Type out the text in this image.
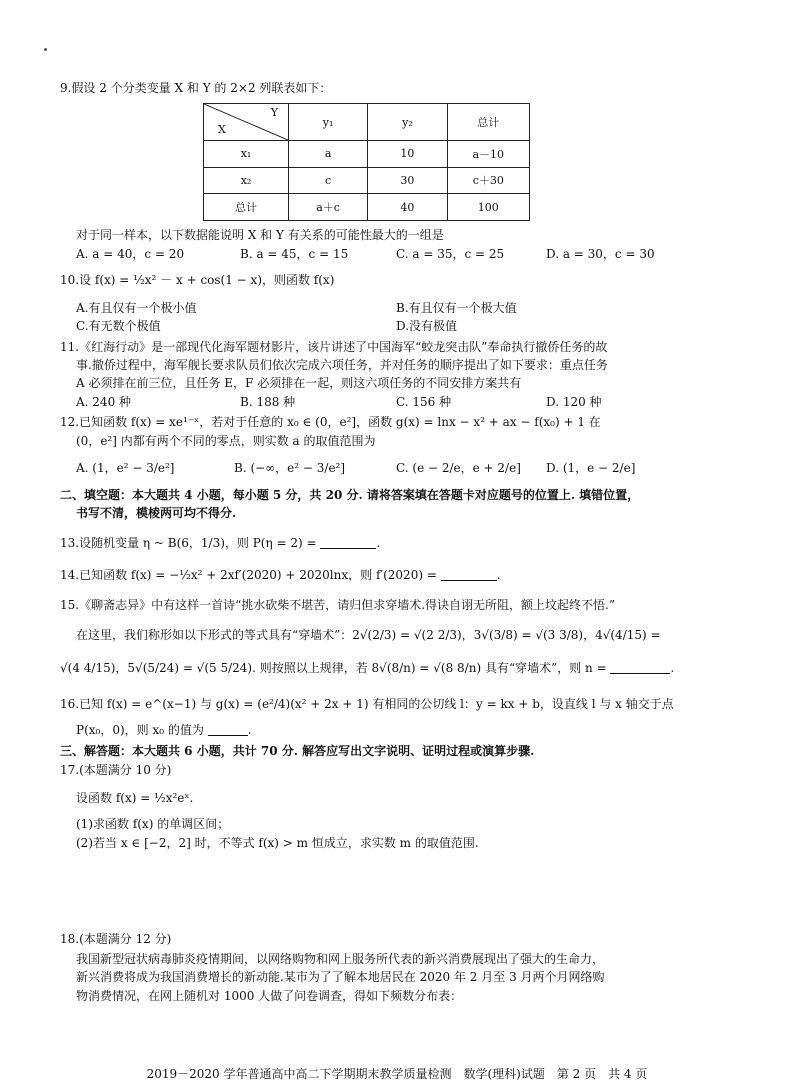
9.假设 2 个分类变量 X 和 Y 的 2×2 列联表如下：
Y
X	y₁	y₂	总计
x₁	a	10	a－10
x₂	c	30	c＋30
总计	a＋c	40	100
对于同一样本，以下数据能说明 X 和 Y 有关系的可能性最大的一组是
A. a = 40，c = 20	B. a = 45，c = 15	C. a = 35，c = 25	D. a = 30，c = 30
10.设 f(x) = ½x² － x + cos(1 − x)，则函数 f(x)
A.有且仅有一个极小值	B.有且仅有一个极大值
C.有无数个极值	D.没有极值
11.《红海行动》是一部现代化海军题材影片，该片讲述了中国海军“蛟龙突击队”奉命执行撤侨任务的故
事.撤侨过程中，海军舰长要求队员们依次完成六项任务，并对任务的顺序提出了如下要求：重点任务
A 必须排在前三位，且任务 E，F 必须排在一起，则这六项任务的不同安排方案共有
A. 240 种	B. 188 种	C. 156 种	D. 120 种
12.已知函数 f(x) = xe¹⁻ˣ，若对于任意的 x₀ ∈ (0，e²]，函数 g(x) = lnx − x² + ax − f(x₀) + 1 在
(0，e²] 内都有两个不同的零点，则实数 a 的取值范围为
A. (1，e² − 3/e²]	B. (−∞，e² − 3/e²]	C. (e − 2/e，e + 2/e] D. (1，e − 2/e]
二、填空题：本大题共 4 小题，每小题 5 分，共 20 分. 请将答案填在答题卡对应题号的位置上. 填错位置，
书写不清，模棱两可均不得分.
13.设随机变量 η ~ B(6，1/3)，则 P(η = 2) =	.
14.已知函数 f(x) = −½x² + 2xf′(2020) + 2020lnx，则 f′(2020) =	.
15.《聊斋志异》中有这样一首诗“挑水砍柴不堪苦，请归但求穿墙术.得诀自诩无所阻，额上坟起终不悟.”
在这里，我们称形如以下形式的等式具有“穿墙术”：2√(2/3) = √(2 2/3)，3√(3/8) = √(3 3/8)，4√(4/15) =
√(4 4/15)，5√(5/24) = √(5 5/24). 则按照以上规律，若 8√(8/n) = √(8 8/n) 具有“穿墙术”，则 n =	.
16.已知 f(x) = e^(x−1) 与 g(x) = (e²/4)(x² + 2x + 1) 有相同的公切线 l：y = kx + b，设直线 l 与 x 轴交于点
P(x₀，0)，则 x₀ 的值为	.
三、解答题：本大题共 6 小题，共计 70 分. 解答应写出文字说明、证明过程或演算步骤.
17.(本题满分 10 分)
设函数 f(x) = ½x²eˣ.
(1)求函数 f(x) 的单调区间；
(2)若当 x ∈ [−2，2] 时，不等式 f(x) > m 恒成立，求实数 m 的取值范围.
18.(本题满分 12 分)
我国新型冠状病毒肺炎疫情期间，以网络购物和网上服务所代表的新兴消费展现出了强大的生命力，
新兴消费将成为我国消费增长的新动能.某市为了了解本地居民在 2020 年 2 月至 3 月两个月网络购
物消费情况，在网上随机对 1000 人做了问卷调查，得如下频数分布表：
2019－2020 学年普通高中高二下学期期末教学质量检测　数学(理科)试题　第 2 页　共 4 页
